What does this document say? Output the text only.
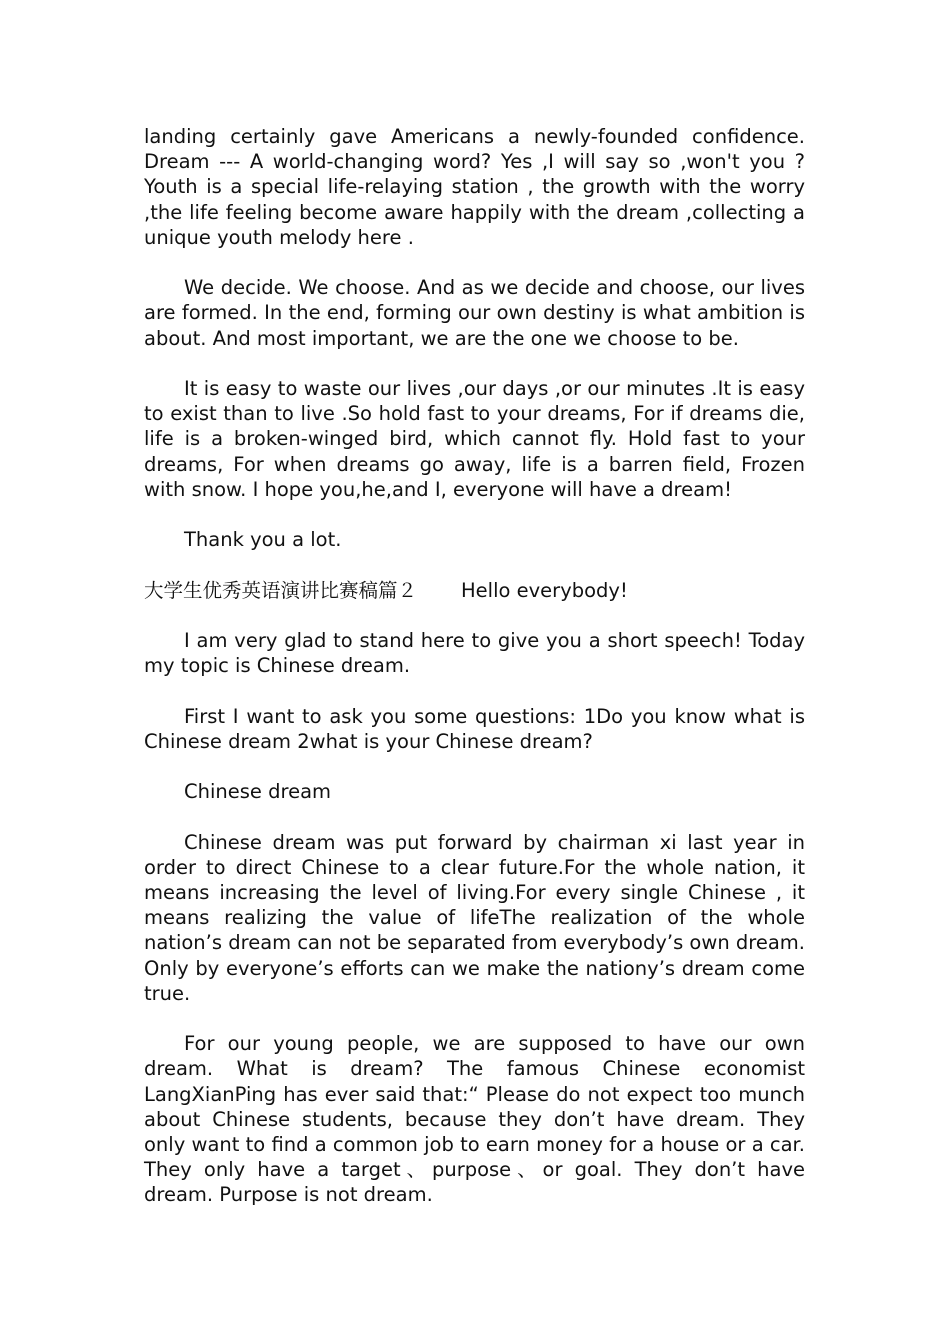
landing certainly gave Americans a newly-founded confidence. Dream --- A world-changing word? Yes ,I will say so ,won't you ? Youth is a special life-relaying station , the growth with the worry ,the life feeling become aware happily with the dream ,collecting a unique youth melody here .

We decide. We choose. And as we decide and choose, our lives are formed. In the end, forming our own destiny is what ambition is about. And most important, we are the one we choose to be.

It is easy to waste our lives ,our days ,or our minutes .It is easy to exist than to live .So hold fast to your dreams, For if dreams die, life is a broken-winged bird, which cannot fly. Hold fast to your dreams, For when dreams go away, life is a barren field, Frozen with snow. I hope you,he,and I, everyone will have a dream!

Thank you a lot.

大学生优秀英语演讲比赛稿篇２ Hello everybody!

I am very glad to stand here to give you a short speech! Today my topic is Chinese dream.

First I want to ask you some questions: 1Do you know what is Chinese dream 2what is your Chinese dream?

Chinese dream

Chinese dream was put forward by chairman xi last year in order to direct Chinese to a clear future.For the whole nation, it means increasing the level of living.For every single Chinese , it means realizing the value of lifeThe realization of the whole nation’s dream can not be separated from everybody’s own dream. Only by everyone’s efforts can we make the nationy’s dream come true.

For our young people, we are supposed to have our own dream. What is dream? The famous Chinese economist LangXianPing has ever said that:“ Please do not expect too munch about Chinese students, because they don’t have dream. They only want to find a common job to earn money for a house or a car. They only have a target、purpose、or goal. They don’t have dream. Purpose is not dream.
